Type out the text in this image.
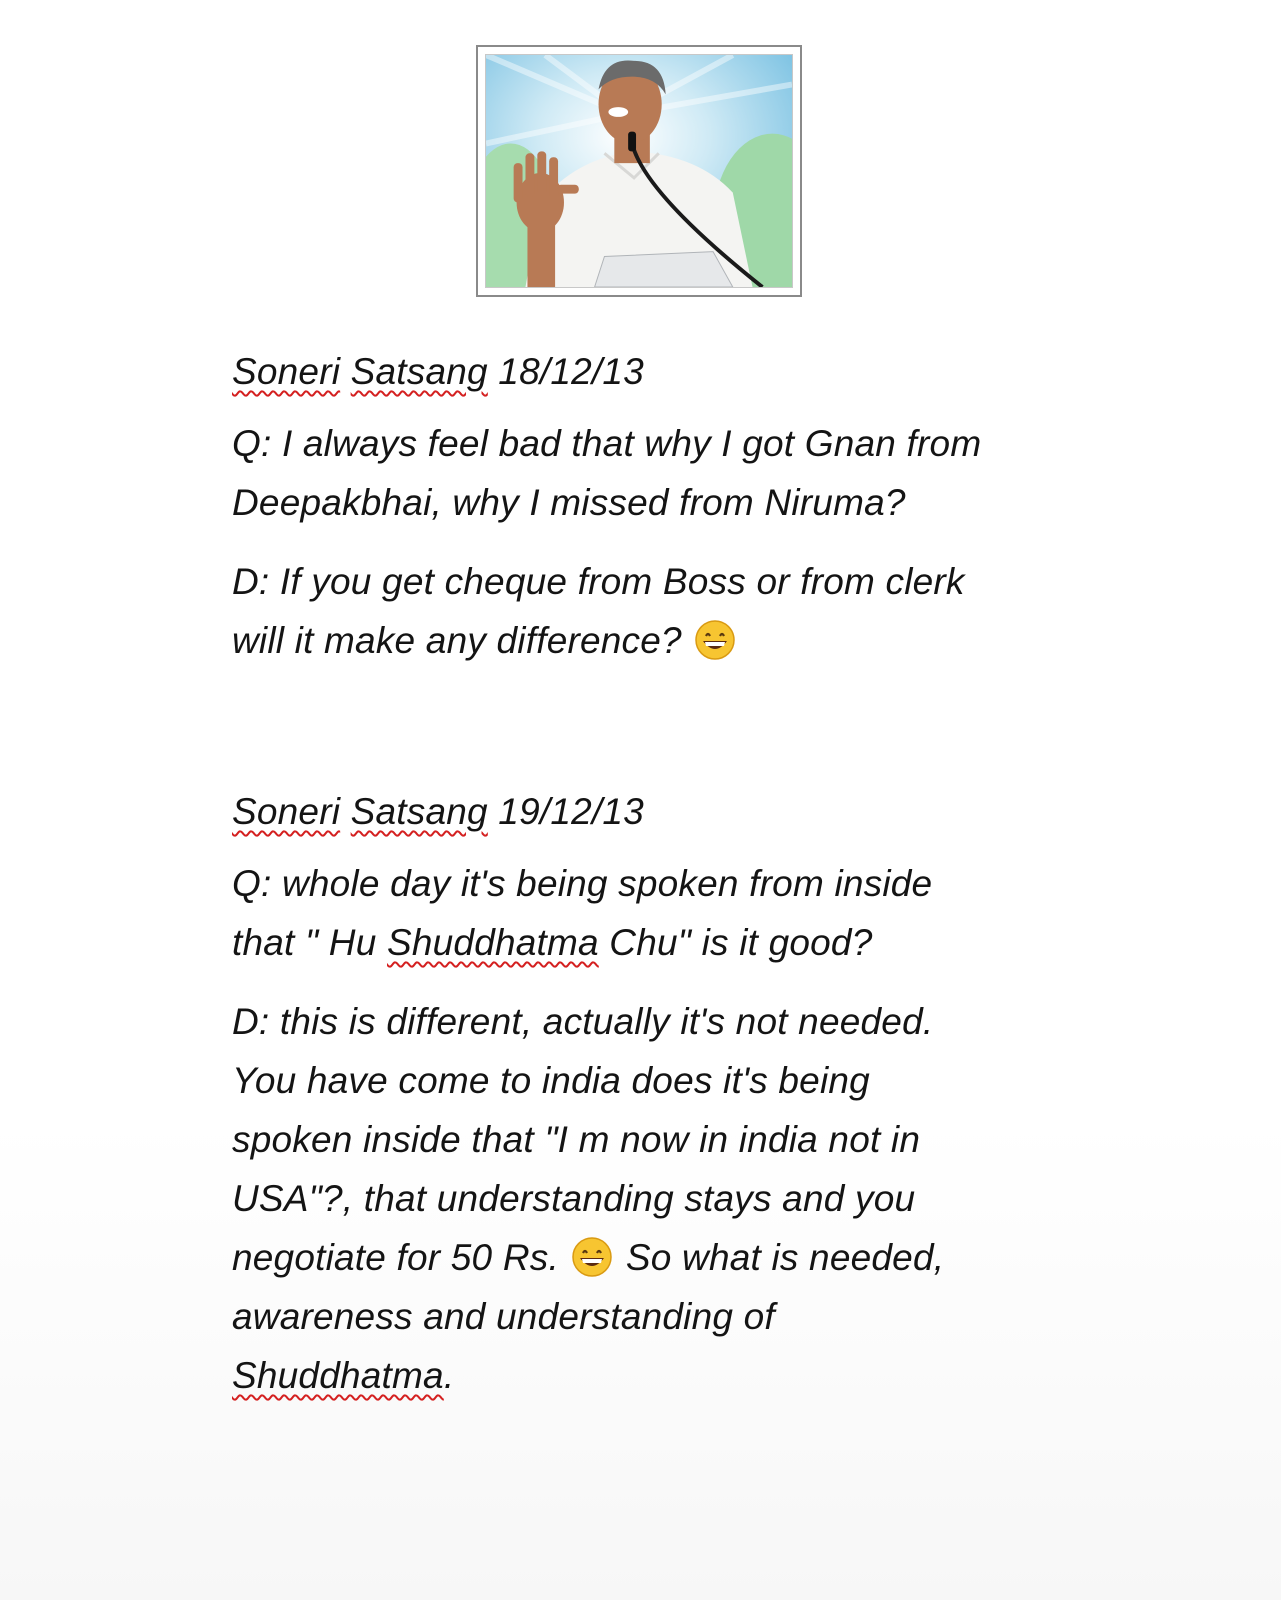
Soneri Satsang 18/12/13

Q: I always feel bad that why I got Gnan from
Deepakbhai, why I missed from Niruma?

D: If you get cheque from Boss or from clerk
will it make any difference?

Soneri Satsang 19/12/13

Q: whole day it's being spoken from inside
that " Hu Shuddhatma Chu" is it good?

D: this is different, actually it's not needed.
You have come to india does it's being
spoken inside that "I m now in india not in
USA"?, that understanding stays and you
negotiate for 50 Rs.
So what is needed,
awareness and understanding of
Shuddhatma.
